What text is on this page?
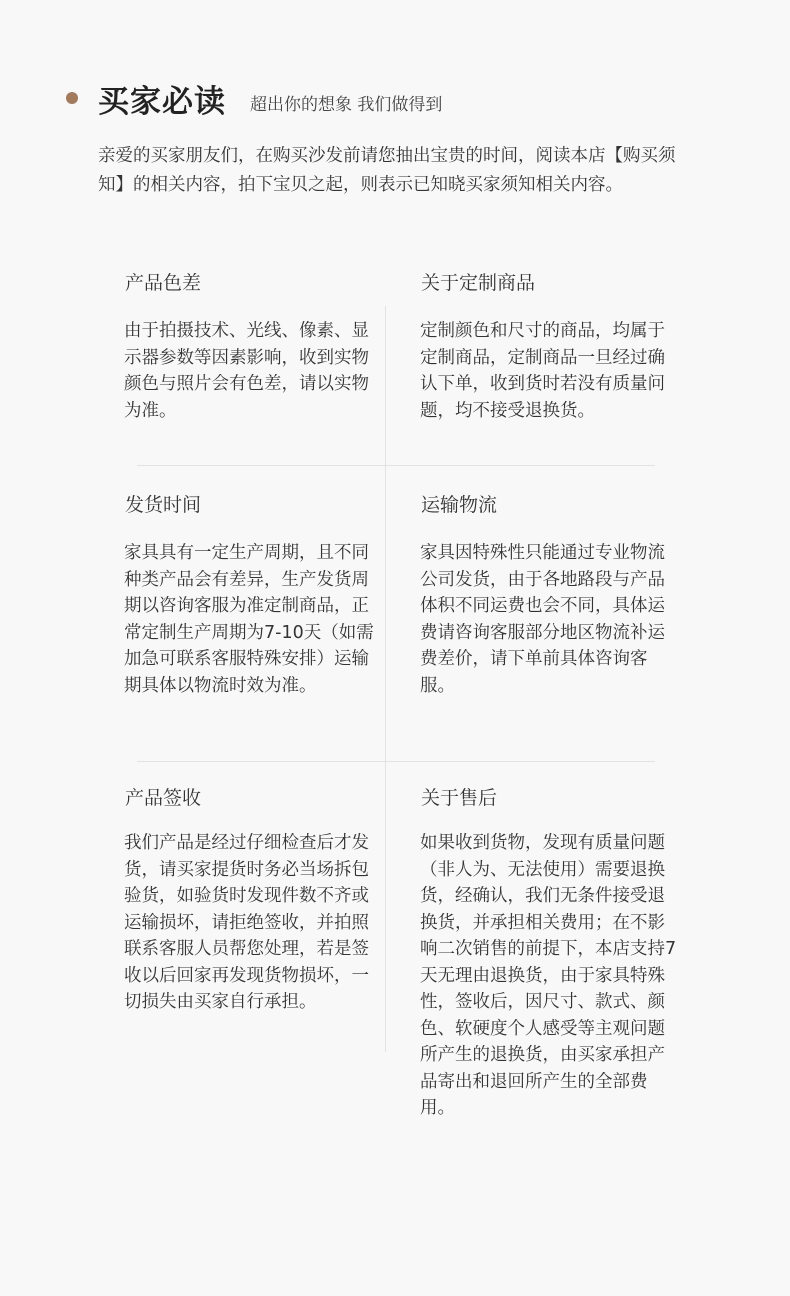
买家必读 超出你的想象 我们做得到
亲爱的买家朋友们，在购买沙发前请您抽出宝贵的时间，阅读本店【购买须知】的相关内容，拍下宝贝之起，则表示已知晓买家须知相关内容。
产品色差
由于拍摄技术、光线、像素、显示器参数等因素影响，收到实物颜色与照片会有色差，请以实物为准。
关于定制商品
定制颜色和尺寸的商品，均属于定制商品，定制商品一旦经过确认下单，收到货时若没有质量问题，均不接受退换货。
发货时间
家具具有一定生产周期，且不同种类产品会有差异，生产发货周期以咨询客服为准定制商品，正常定制生产周期为7-10天（如需加急可联系客服特殊安排）运输期具体以物流时效为准。
运输物流
家具因特殊性只能通过专业物流公司发货，由于各地路段与产品体积不同运费也会不同，具体运费请咨询客服部分地区物流补运费差价，请下单前具体咨询客服。
产品签收
我们产品是经过仔细检查后才发货，请买家提货时务必当场拆包验货，如验货时发现件数不齐或运输损坏，请拒绝签收，并拍照联系客服人员帮您处理，若是签收以后回家再发现货物损坏，一切损失由买家自行承担。
关于售后
如果收到货物，发现有质量问题（非人为、无法使用）需要退换货，经确认，我们无条件接受退换货，并承担相关费用；在不影响二次销售的前提下，本店支持7天无理由退换货，由于家具特殊性，签收后，因尺寸、款式、颜色、软硬度个人感受等主观问题所产生的退换货，由买家承担产品寄出和退回所产生的全部费用。
